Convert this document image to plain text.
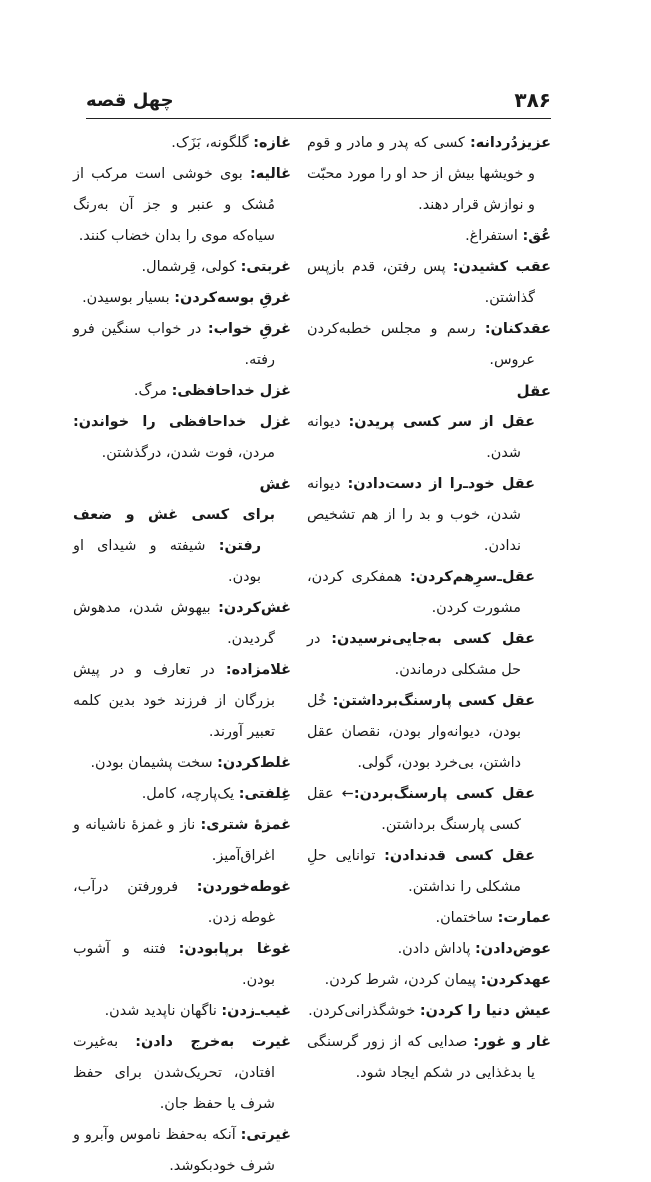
۳۸۶
چهل قصه
عزیزدُردانه: کسی که پدر و مادر و قوم و خویشها بیش از حد او را مورد محبّت و نوازش قرار دهند.
عُق: استفراغ.
عقب کشیدن: پس رفتن، قدم بازپس گذاشتن.
عقدکنان: رسم و مجلس خطبه‌کردن عروس.
عقل
عقل از سر کسی پریدن: دیوانه شدن.
عقل خود‌ـ‌را از دست‌دادن: دیوانه شدن، خوب و بد را از هم تشخیص ندادن.
عقل‌ـ‌سرِهم‌کردن: همفکری کردن، مشورت کردن.
عقل کسی به‌جایی‌نرسیدن: در حل مشکلی درماندن.
عقل کسی پارسنگ‌برداشتن: خُل بودن، دیوانه‌وار بودن، نقصان عقل داشتن، بی‌خرد بودن، گولی.
عقل کسی پارسنگ‌بردن:← عقل کسی پارسنگ برداشتن.
عقل کسی قد‌نداد‌ن: توانایی حلِ مشکلی را نداشتن.
عمارت: ساختمان.
عوض‌دادن: پاداش دادن.
عهدکردن: پیمان کردن، شرط کردن.
عیش دنیا را کردن: خوشگذرانی‌کردن.
غار و غور: صدایی که از زور گرسنگی یا بدغذایی در شکم ایجاد شود.
غازه: گلگونه، بَزَک.
غالیه: بوی خوشی است مرکب از مُشک و عنبر و جز آن به‌رنگ سیاه‌که موی را بدان خضاب کنند.
غربتی: کولی، قِرشمال.
غرقِ بوسه‌کردن: بسیار بوسیدن.
غرقِ خواب: در خواب سنگین فرو رفته.
غزل خداحافظی: مرگ.
غزل خداحافظی را خواندن: مردن، فوت شدن، درگذشتن.
غش
برای کسی غش و ضعف رفتن: شیفته و شیدای او بودن.
غش‌کردن: بیهوش شدن، مدهوش گردیدن.
غلامزاده: در تعارف و در پیش بزرگان از فرزند خود بدین کلمه تعبیر آورند.
غلط‌کردن: سخت پشیمان بودن.
غِلفتی: یک‌پارچه، کامل.
غمزهٔ شتری: ناز و غمزهٔ ناشیانه و اغراق‌آمیز.
غوطه‌خوردن: فرورفتن درآب، غوطه زدن.
غوغا برپابودن: فتنه و آشوب بودن.
غیب‌ـ‌زدن: ناگهان ناپدید شدن.
غیرت به‌خرج دادن: به‌غیرت افتادن، تحریک‌شدن برای حفظ شرف یا حفظ جان.
غیرتی: آنکه به‌حفظ ناموس وآبرو و شرف خودبکوشد.
